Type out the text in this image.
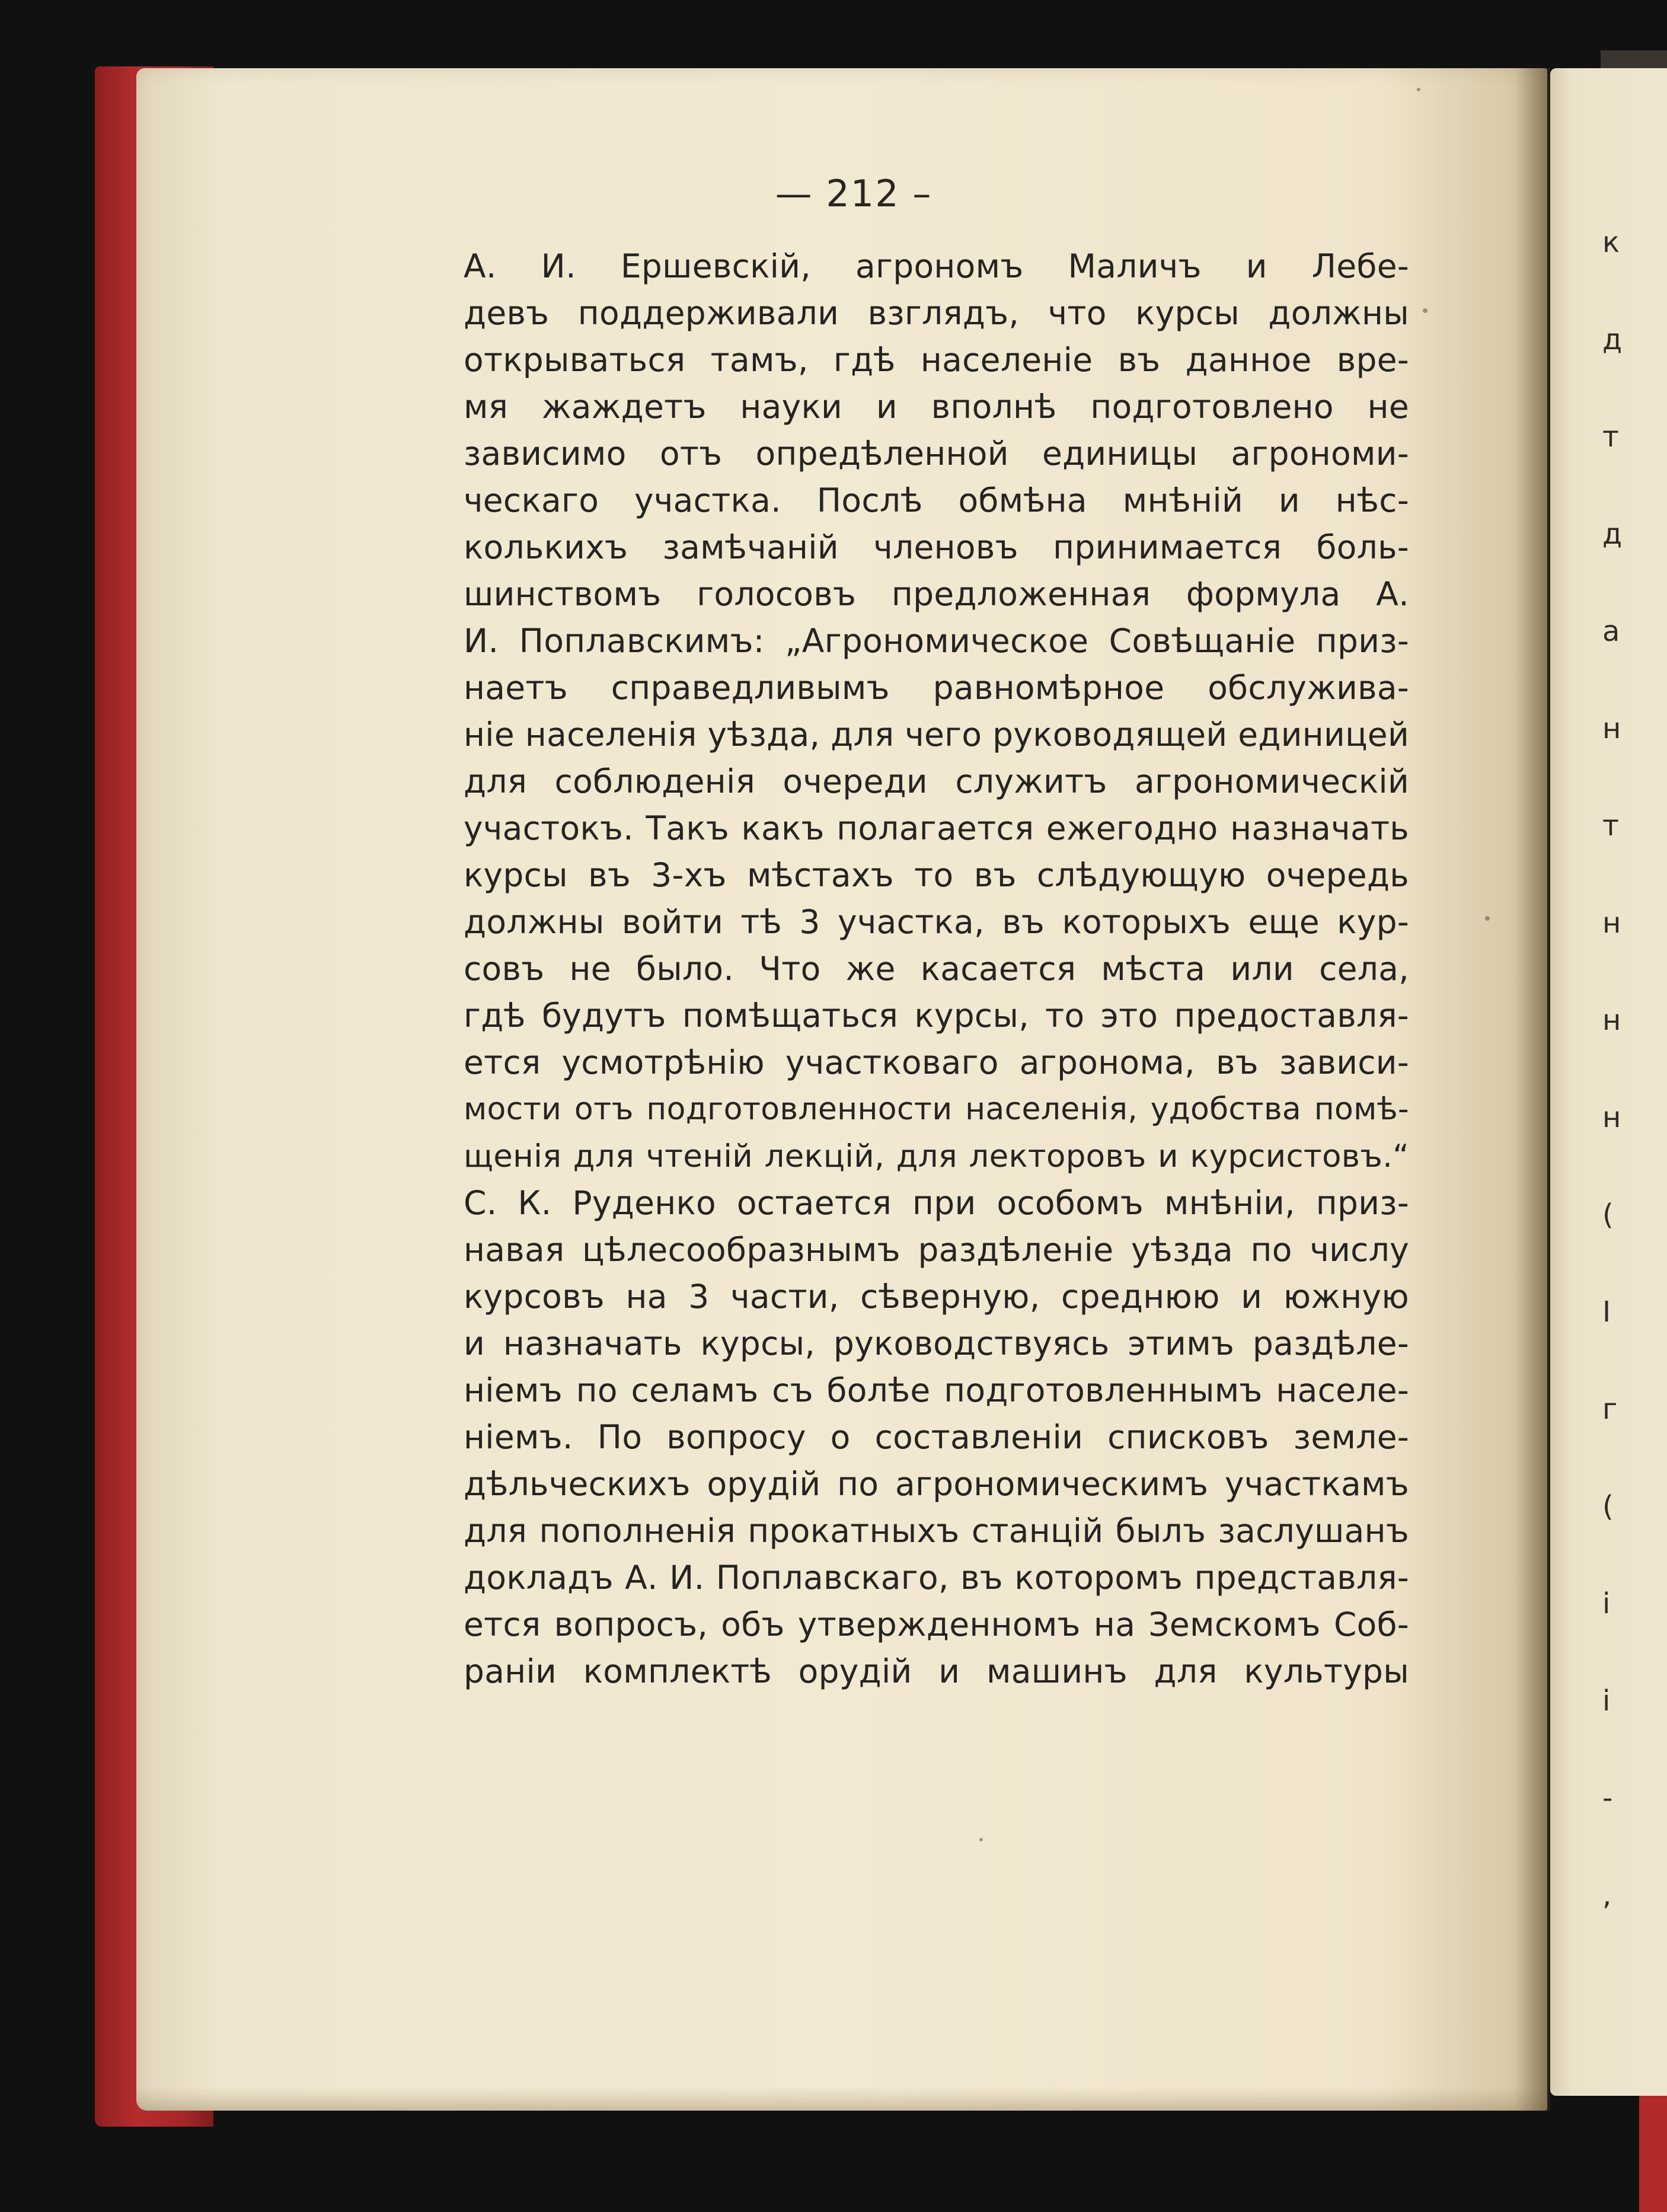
к
д
т
д
а
н
т
н
н
н
(
І
г
(
і
і
-
,
— 212 –
А. И. Ершевскій, агрономъ Маличъ и Лебе-
девъ поддерживали взглядъ, что курсы должны
открываться тамъ, гдѣ населеніе въ данное вре-
мя жаждетъ науки и вполнѣ подготовлено не
зависимо отъ опредѣленной единицы агрономи-
ческаго участка. Послѣ обмѣна мнѣній и нѣс-
колькихъ замѣчаній членовъ принимается боль-
шинствомъ голосовъ предложенная формула А.
И. Поплавскимъ: „Агрономическое Совѣщаніе приз-
наетъ справедливымъ равномѣрное обслужива-
ніе населенія уѣзда, для чего руководящей единицей
для соблюденія очереди служитъ агрономическій
участокъ. Такъ какъ полагается ежегодно назначать
курсы въ 3-хъ мѣстахъ то въ слѣдующую очередь
должны войти тѣ 3 участка, въ которыхъ еще кур-
совъ не было. Что же касается мѣста или села,
гдѣ будутъ помѣщаться курсы, то это предоставля-
ется усмотрѣнію участковаго агронома, въ зависи-
мости отъ подготовленности населенія, удобства помѣ-
щенія для чтеній лекцій, для лекторовъ и курсистовъ.“
С. К. Руденко остается при особомъ мнѣніи, приз-
навая цѣлесообразнымъ раздѣленіе уѣзда по числу
курсовъ на 3 части, сѣверную, среднюю и южную
и назначать курсы, руководствуясь этимъ раздѣле-
ніемъ по селамъ съ болѣе подготовленнымъ населе-
ніемъ. По вопросу о составленіи списковъ земле-
дѣльческихъ орудій по агрономическимъ участкамъ
для пополненія прокатныхъ станцій былъ заслушанъ
докладъ А. И. Поплавскаго, въ которомъ представля-
ется вопросъ, объ утвержденномъ на Земскомъ Соб-
раніи комплектѣ орудій и машинъ для культуры
